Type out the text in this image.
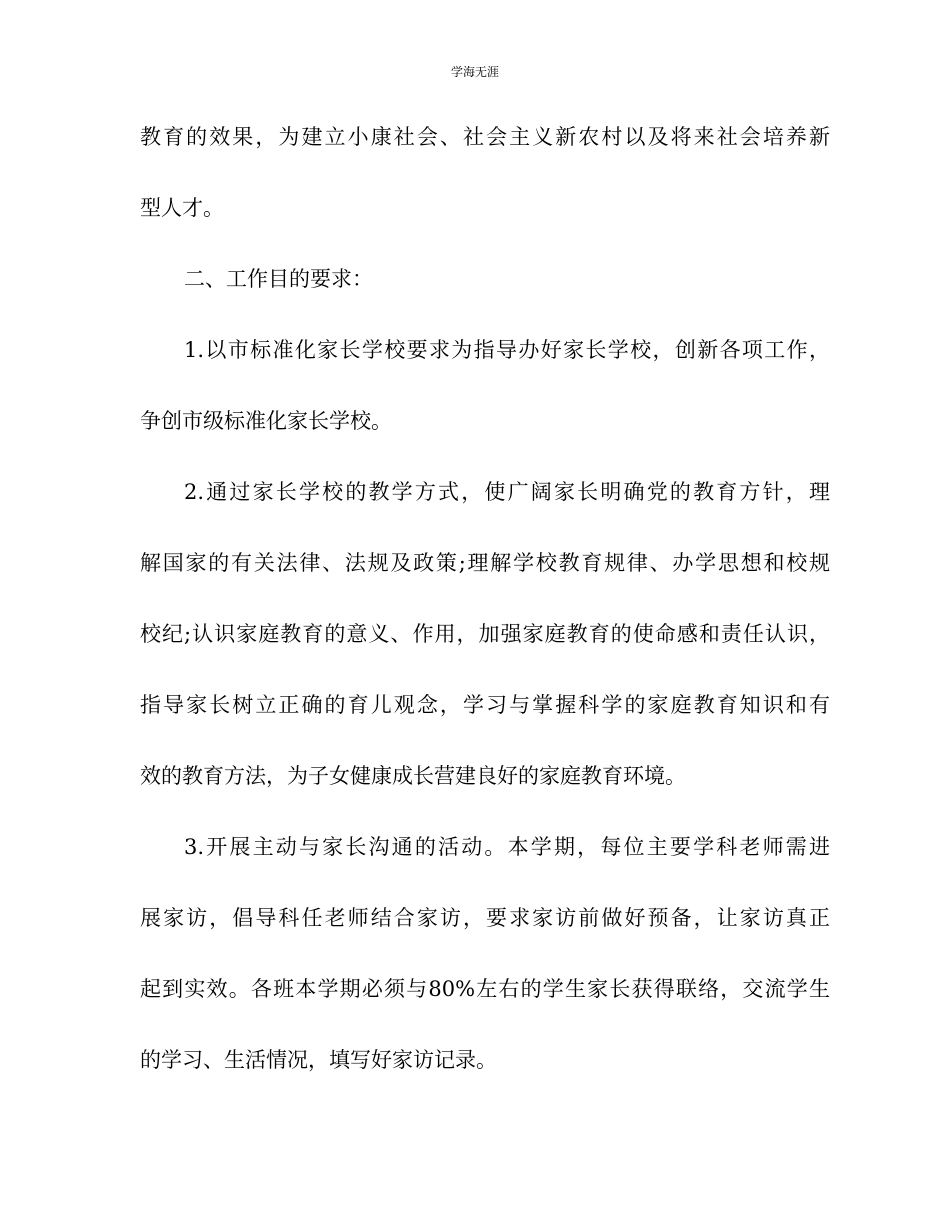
学海无涯
教育的效果，为建立小康社会、社会主义新农村以及将来社会培养新
型人才。
二、工作目的要求：
1.以市标准化家长学校要求为指导办好家长学校，创新各项工作，
争创市级标准化家长学校。
2.通过家长学校的教学方式，使广阔家长明确党的教育方针，理
解国家的有关法律、法规及政策;理解学校教育规律、办学思想和校规
校纪;认识家庭教育的意义、作用，加强家庭教育的使命感和责任认识，
指导家长树立正确的育儿观念，学习与掌握科学的家庭教育知识和有
效的教育方法，为子女健康成长营建良好的家庭教育环境。
3.开展主动与家长沟通的活动。本学期，每位主要学科老师需进
展家访，倡导科任老师结合家访，要求家访前做好预备，让家访真正
起到实效。各班本学期必须与80%左右的学生家长获得联络，交流学生
的学习、生活情况，填写好家访记录。
